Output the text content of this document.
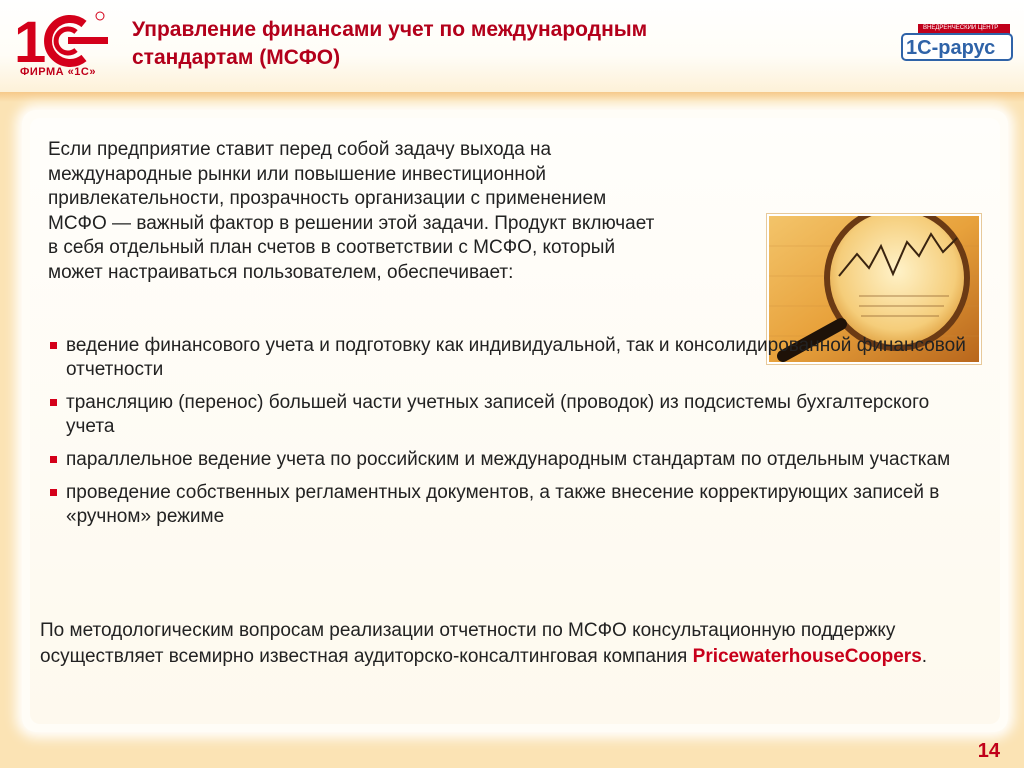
1
ФИРМА «1С»
Управление финансами учет по международным стандартам (МСФО)	1С-рарус
ВНЕДРЕНЧЕСКИЙ ЦЕНТР

Если предприятие ставит перед собой задачу выхода на международные рынки или повышение инвестиционной привлекательности, прозрачность организации с применением МСФО — важный фактор в решении этой задачи. Продукт включает в себя отдельный план счетов в соответствии с МСФО, который может настраиваться пользователем, обеспечивает:

ведение финансового учета и подготовку как индивидуальной, так и консолидированной финансовой отчетности
трансляцию (перенос) большей части учетных записей (проводок) из подсистемы бухгалтерского учета
параллельное ведение учета по российским и международным стандартам по отдельным участкам
проведение собственных регламентных документов, а также внесение корректирующих записей в «ручном» режиме
По методологическим вопросам реализации отчетности по МСФО консультационную поддержку осуществляет всемирно известная аудиторско-консалтинговая компания PricewaterhouseCoopers.
14
